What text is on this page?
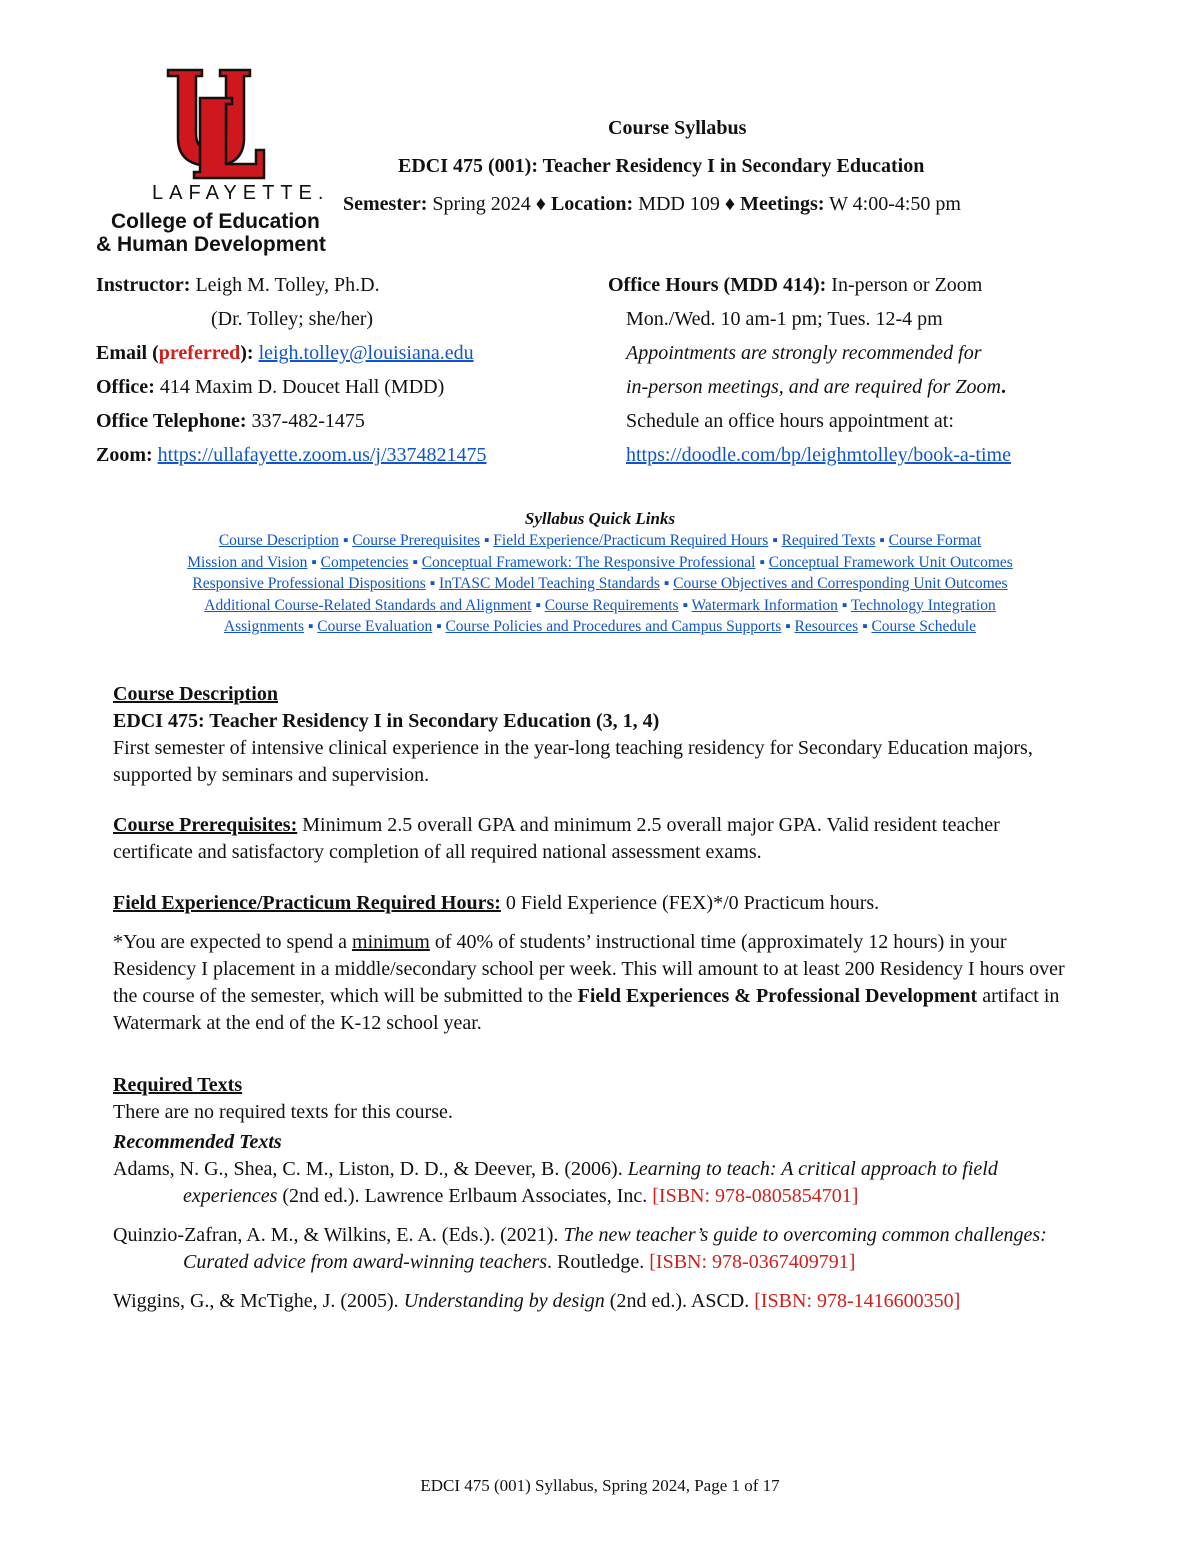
LAFAYETTE.
College of Education
& Human Development
Course Syllabus
EDCI 475 (001): Teacher Residency I in Secondary Education
Semester: Spring 2024 ♦ Location: MDD 109 ♦ Meetings: W 4:00-4:50 pm
Instructor: Leigh M. Tolley, Ph.D.
(Dr. Tolley; she/her)
Email (preferred): leigh.tolley@louisiana.edu
Office: 414 Maxim D. Doucet Hall (MDD)
Office Telephone: 337-482-1475
Zoom: https://ullafayette.zoom.us/j/3374821475
Office Hours (MDD 414): In-person or Zoom
Mon./Wed. 10 am-1 pm; Tues. 12-4 pm
Appointments are strongly recommended for
in-person meetings, and are required for Zoom.
Schedule an office hours appointment at:
https://doodle.com/bp/leighmtolley/book-a-time
Syllabus Quick Links
Course Description ▪ Course Prerequisites ▪ Field Experience/Practicum Required Hours ▪ Required Texts ▪ Course Format
Mission and Vision ▪ Competencies ▪ Conceptual Framework: The Responsive Professional ▪ Conceptual Framework Unit Outcomes
Responsive Professional Dispositions ▪ InTASC Model Teaching Standards ▪ Course Objectives and Corresponding Unit Outcomes
Additional Course-Related Standards and Alignment ▪ Course Requirements ▪ Watermark Information ▪ Technology Integration
Assignments ▪ Course Evaluation ▪ Course Policies and Procedures and Campus Supports ▪ Resources ▪ Course Schedule
Course Description
EDCI 475: Teacher Residency I in Secondary Education (3, 1, 4)
First semester of intensive clinical experience in the year-long teaching residency for Secondary Education majors, supported by seminars and supervision.
Course Prerequisites: Minimum 2.5 overall GPA and minimum 2.5 overall major GPA. Valid resident teacher certificate and satisfactory completion of all required national assessment exams.
Field Experience/Practicum Required Hours: 0 Field Experience (FEX)*/0 Practicum hours.
*You are expected to spend a minimum of 40% of students’ instructional time (approximately 12 hours) in your Residency I placement in a middle/secondary school per week. This will amount to at least 200 Residency I hours over the course of the semester, which will be submitted to the Field Experiences & Professional Development artifact in Watermark at the end of the K-12 school year.
Required Texts
There are no required texts for this course.
Recommended Texts
Adams, N. G., Shea, C. M., Liston, D. D., & Deever, B. (2006). Learning to teach: A critical approach to field experiences (2nd ed.). Lawrence Erlbaum Associates, Inc. [ISBN: 978-0805854701]
Quinzio-Zafran, A. M., & Wilkins, E. A. (Eds.). (2021). The new teacher’s guide to overcoming common challenges: Curated advice from award-winning teachers. Routledge. [ISBN: 978-0367409791]
Wiggins, G., & McTighe, J. (2005). Understanding by design (2nd ed.). ASCD. [ISBN: 978-1416600350]
EDCI 475 (001) Syllabus, Spring 2024, Page 1 of 17
